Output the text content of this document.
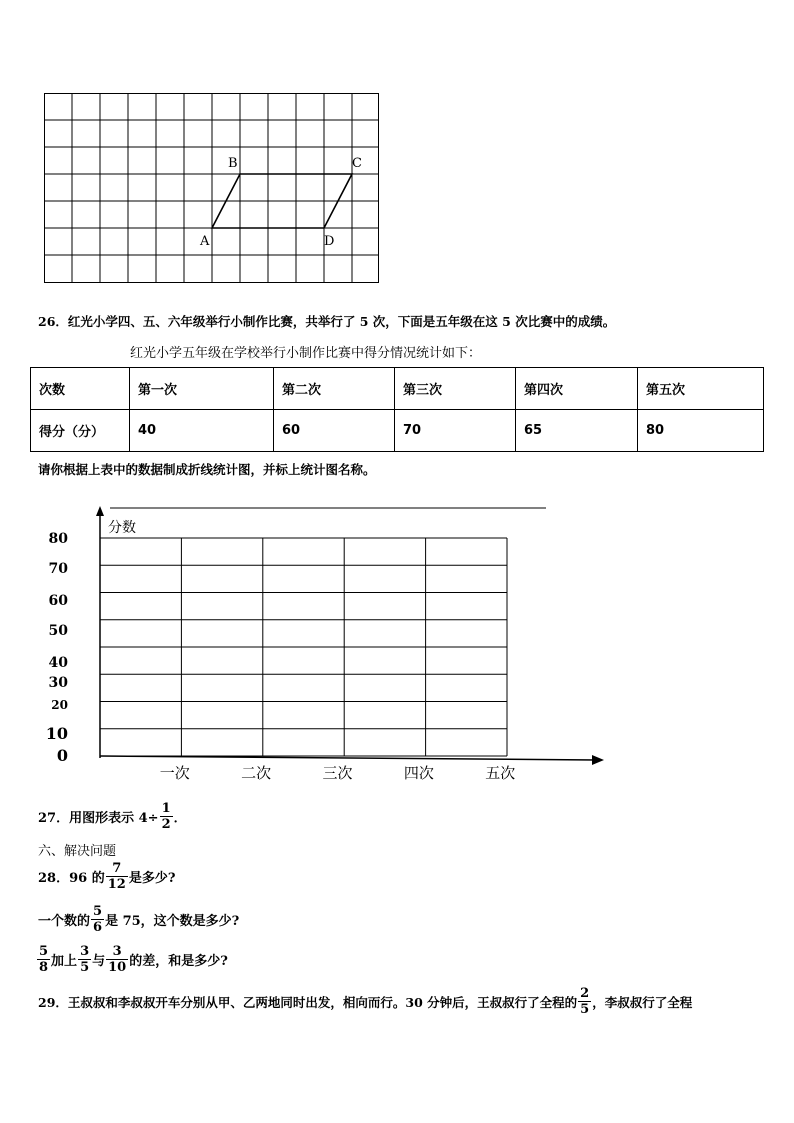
A
B	C
D
26．红光小学四、五、六年级举行小制作比赛，共举行了 5 次，下面是五年级在这 5 次比赛中的成绩。
红光小学五年级在学校举行小制作比赛中得分情况统计如下：
次数	第一次	第二次	第三次	第四次	第五次
得分（分）	40	60	70	65	80
请你根据上表中的数据制成折线统计图，并标上统计图名称。
分数
80
70
60
50
40
30
20
10
0
一次	二次	三次	四次	五次
27．用图形表示 $4\div \frac{1}{2}$ ．
六、解决问题
28．96 的 $\frac{7}{12}$ 是多少?
一个数的 $\frac{5}{6}$ 是 75，这个数是多少?
$\frac{5}{8}$ 加上 $\frac{3}{5}$ 与 $\frac{3}{10}$ 的差，和是多少?
29．王叔叔和李叔叔开车分别从甲、乙两地同时出发，相向而行。30 分钟后，王叔叔行了全程的 $\frac{2}{5}$ ，李叔叔行了全程
